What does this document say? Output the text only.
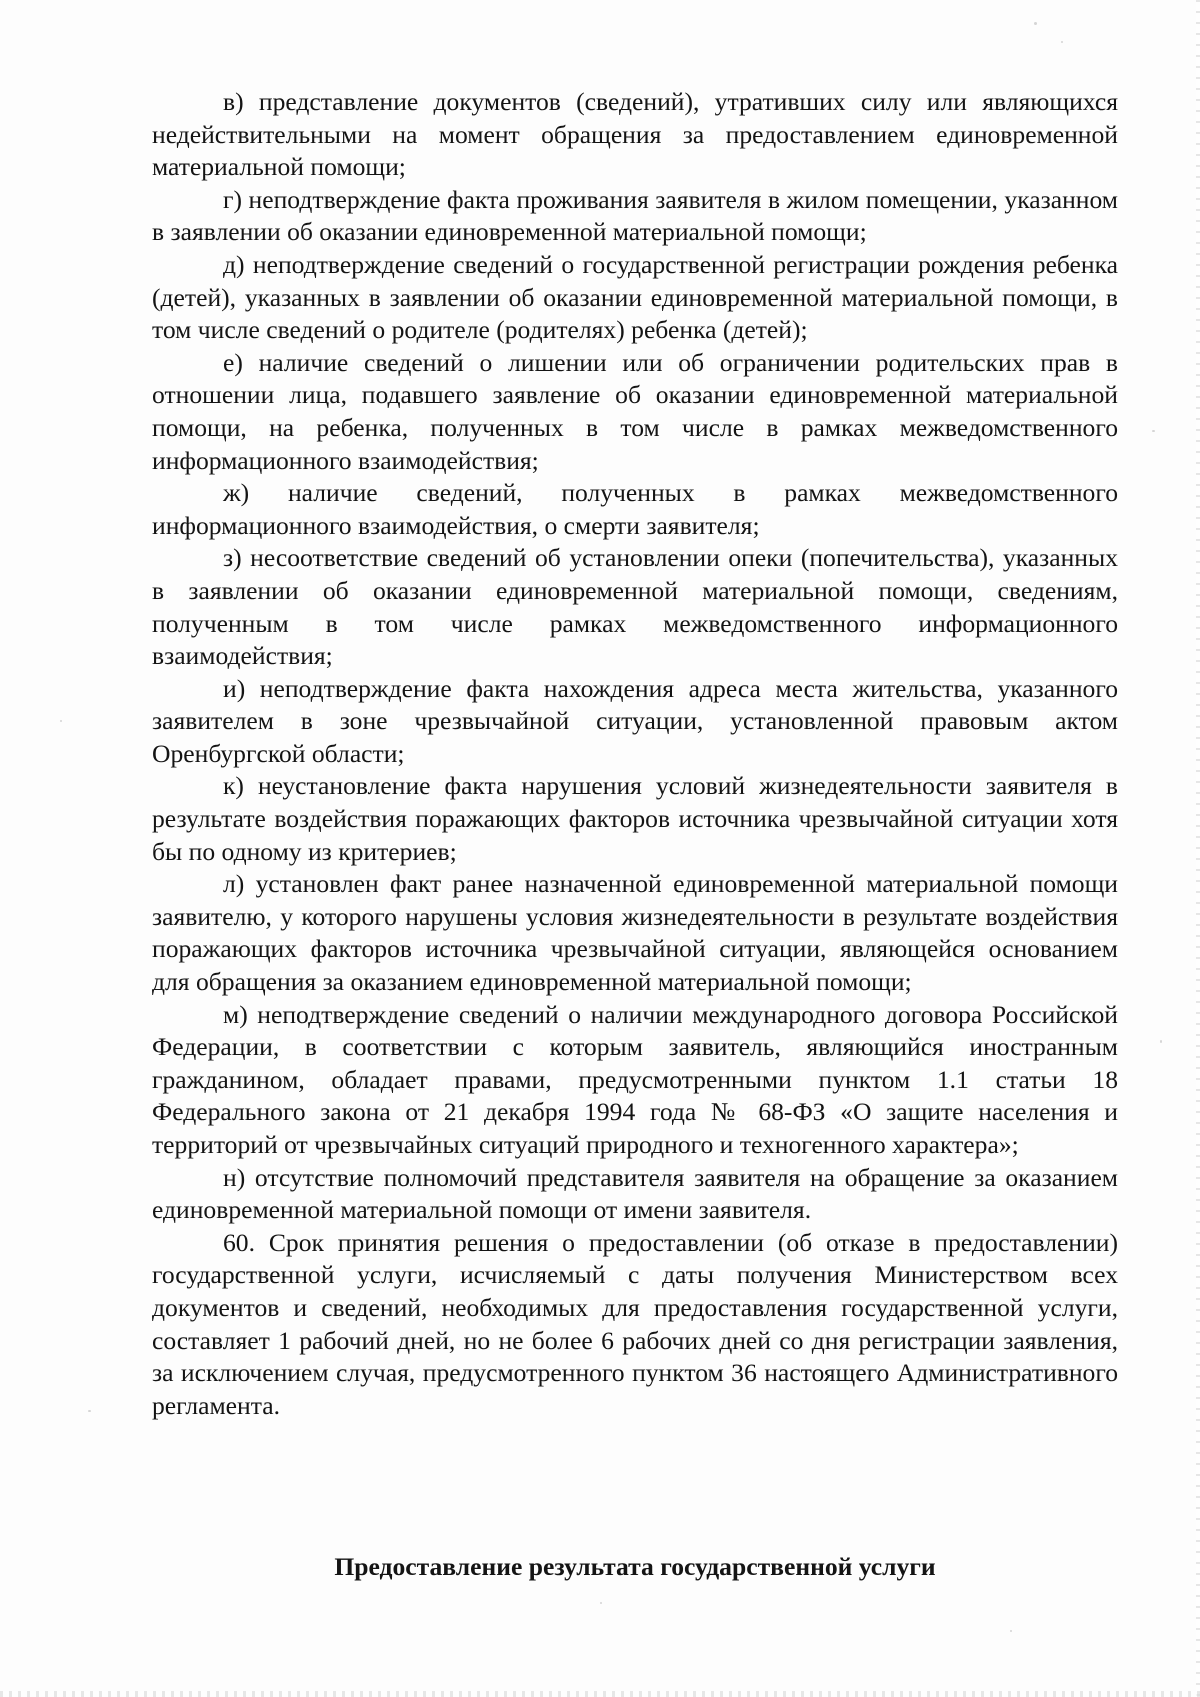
в) представление документов (сведений), утративших силу или являющихся недействительными на момент обращения за предоставлением единовременной материальной помощи;

г) неподтверждение факта проживания заявителя в жилом помещении, указанном в заявлении об оказании единовременной материальной помощи;

д) неподтверждение сведений о государственной регистрации рождения ребенка (детей), указанных в заявлении об оказании единовременной материальной помощи, в том числе сведений о родителе (родителях) ребенка (детей);

е) наличие сведений о лишении или об ограничении родительских прав в отношении лица, подавшего заявление об оказании единовременной материальной помощи, на ребенка, полученных в том числе в рамках межведомственного информационного взаимодействия;

ж) наличие сведений, полученных в рамках межведомственного информационного взаимодействия, о смерти заявителя;

з) несоответствие сведений об установлении опеки (попечительства), указанных в заявлении об оказании единовременной материальной помощи, сведениям, полученным в том числе рамках межведомственного информационного взаимодействия;

и) неподтверждение факта нахождения адреса места жительства, указанного заявителем в зоне чрезвычайной ситуации, установленной правовым актом Оренбургской области;

к) неустановление факта нарушения условий жизнедеятельности заявителя в результате воздействия поражающих факторов источника чрезвычайной ситуации хотя бы по одному из критериев;

л) установлен факт ранее назначенной единовременной материальной помощи заявителю, у которого нарушены условия жизнедеятельности в результате воздействия поражающих факторов источника чрезвычайной ситуации, являющейся основанием для обращения за оказанием единовременной материальной помощи;

м) неподтверждение сведений о наличии международного договора Российской Федерации, в соответствии с которым заявитель, являющийся иностранным гражданином, обладает правами, предусмотренными пунктом 1.1 статьи 18 Федерального закона от 21 декабря 1994 года № 68-ФЗ «О защите населения и территорий от чрезвычайных ситуаций природного и техногенного характера»;

н) отсутствие полномочий представителя заявителя на обращение за оказанием единовременной материальной помощи от имени заявителя.

60. Срок принятия решения о предоставлении (об отказе в предоставлении) государственной услуги, исчисляемый с даты получения Министерством всех документов и сведений, необходимых для предоставления государственной услуги, составляет 1 рабочий дней, но не более 6 рабочих дней со дня регистрации заявления, за исключением случая, предусмотренного пунктом 36 настоящего Административного регламента.

Предоставление результата государственной услуги
